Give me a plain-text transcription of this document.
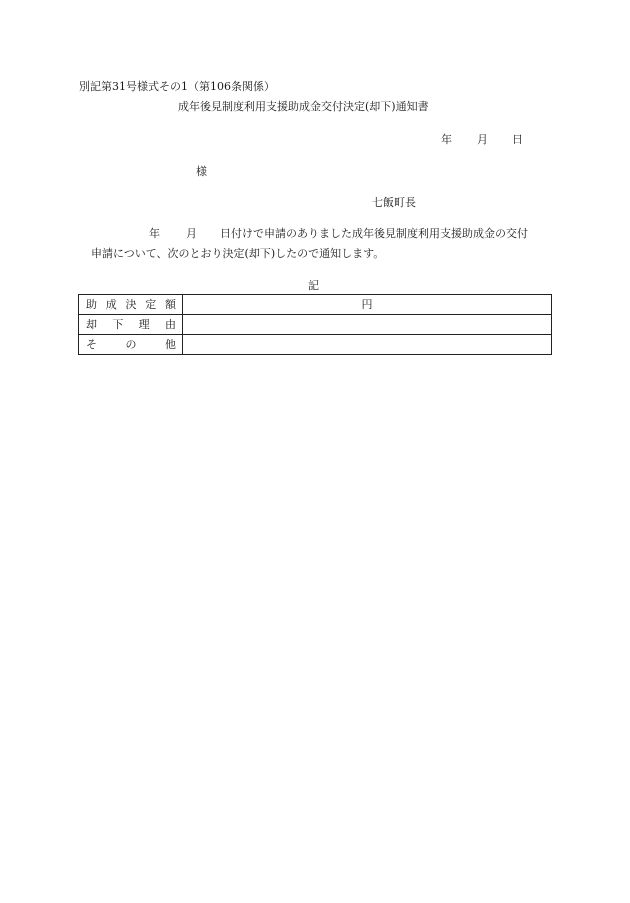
別記第31号様式その1（第106条関係）
成年後見制度利用支援助成金交付決定(却下)通知書
年 月 日
様
七飯町長
年 月 日付けで申請のありました成年後見制度利用支援助成金の交付
申請について、次のとおり決定(却下)したので通知します。
記
助成決定額	円
却下理由	
その他	
